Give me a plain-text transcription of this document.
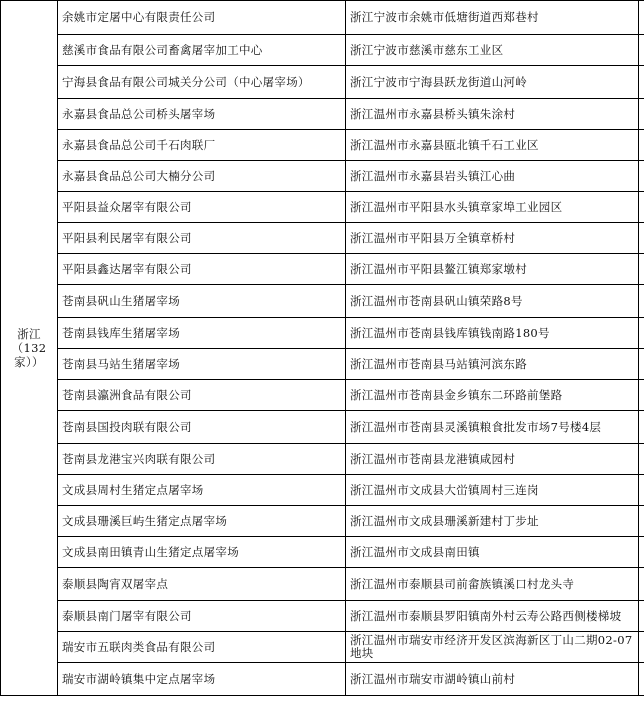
浙江
（132
家））	余姚市定屠中心有限责任公司	浙江宁波市余姚市低塘街道西郑巷村	
	慈溪市食品有限公司畜禽屠宰加工中心	浙江宁波市慈溪市慈东工业区	
	宁海县食品有限公司城关分公司（中心屠宰场）	浙江宁波市宁海县跃龙街道山河岭	
	永嘉县食品总公司桥头屠宰场	浙江温州市永嘉县桥头镇朱涂村	
	永嘉县食品总公司千石肉联厂	浙江温州市永嘉县瓯北镇千石工业区	
	永嘉县食品总公司大楠分公司	浙江温州市永嘉县岩头镇江心曲	
	平阳县益众屠宰有限公司	浙江温州市平阳县水头镇章家埠工业园区	
	平阳县利民屠宰有限公司	浙江温州市平阳县万全镇章桥村	
	平阳县鑫达屠宰有限公司	浙江温州市平阳县鳌江镇郑家墩村	
	苍南县矾山生猪屠宰场	浙江温州市苍南县矾山镇荣路8号	
	苍南县钱库生猪屠宰场	浙江温州市苍南县钱库镇钱南路180号	
	苍南县马站生猪屠宰场	浙江温州市苍南县马站镇河滨东路	
	苍南县瀛洲食品有限公司	浙江温州市苍南县金乡镇东二环路前堡路	
	苍南县国投肉联有限公司	浙江温州市苍南县灵溪镇粮食批发市场7号楼4层	
	苍南县龙港宝兴肉联有限公司	浙江温州市苍南县龙港镇咸园村	
	文成县周村生猪定点屠宰场	浙江温州市文成县大峃镇周村三连岗	
	文成县珊溪巨屿生猪定点屠宰场	浙江温州市文成县珊溪新建村丁步址	
	文成县南田镇青山生猪定点屠宰场	浙江温州市文成县南田镇	
	泰顺县陶宵双屠宰点	浙江温州市泰顺县司前畲族镇溪口村龙头寺	
	泰顺县南门屠宰有限公司	浙江温州市泰顺县罗阳镇南外村云寿公路西侧楼梯坡	
	瑞安市五联肉类食品有限公司	浙江温州市瑞安市经济开发区滨海新区丁山二期02-07地块	

	瑞安市湖岭镇集中定点屠宰场	浙江温州市瑞安市湖岭镇山前村	
